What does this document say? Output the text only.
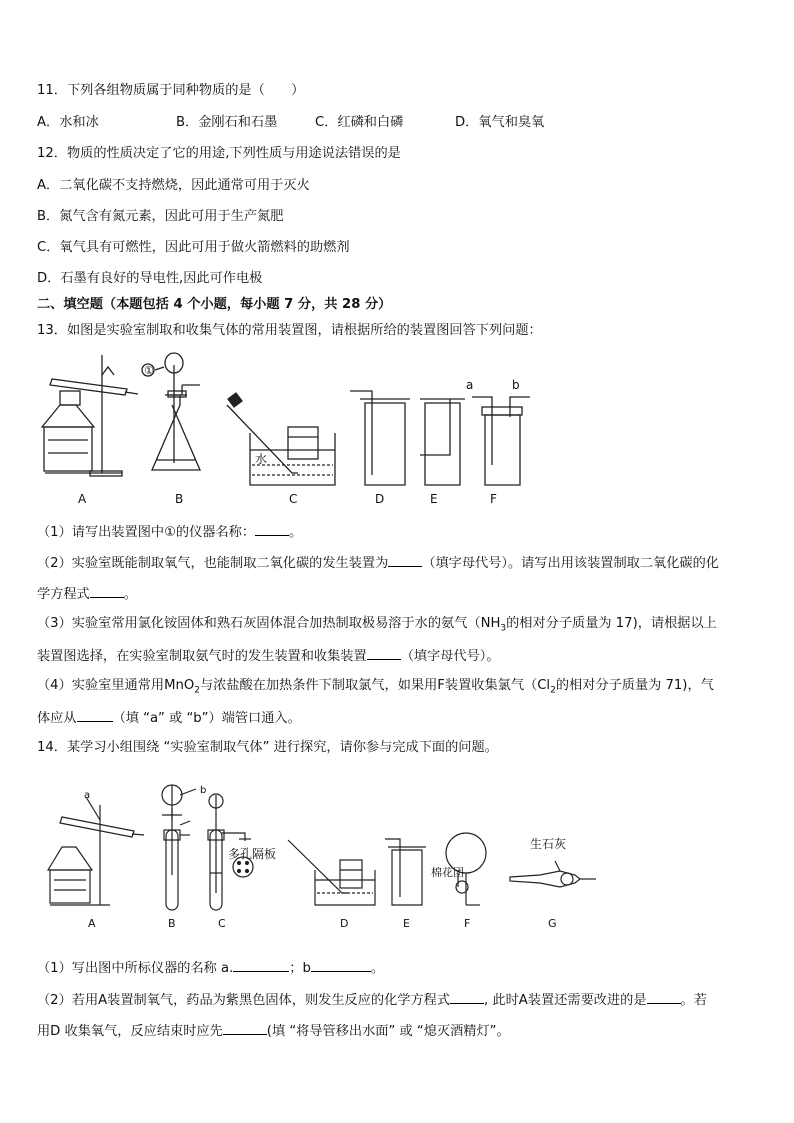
11．下列各组物质属于同种物质的是（　　）
A．水和冰	B．金刚石和石墨	C．红磷和白磷	D．氧气和臭氧
12．物质的性质决定了它的用途,下列性质与用途说法错误的是
A．二氧化碳不支持燃烧，因此通常可用于灭火
B．氮气含有氮元素，因此可用于生产氮肥
C．氧气具有可燃性，因此可用于做火箭燃料的助燃剂
D．石墨有良好的导电性,因此可作电极
二、填空题（本题包括 4 个小题，每小题 7 分，共 28 分）
13．如图是实验室制取和收集气体的常用装置图，请根据所给的装置图回答下列问题：
水
①
a	b
A	B	C	D	E	F
（1）请写出装置图中①的仪器名称：	。
（2）实验室既能制取氧气，也能制取二氧化碳的发生装置为	（填字母代号）。请写出用该装置制取二氧化碳的化
学方程式	。
（3）实验室常用氯化铵固体和熟石灰固体混合加热制取极易溶于水的氨气（$NH_3$的相对分子质量为 17)，请根据以上
装置图选择，在实验室制取氨气时的发生装置和收集装置	（填字母代号）。
（4）实验室里通常用MnO$_2$与浓盐酸在加热条件下制取氯气，如果用F装置收集氯气（$Cl_2$的相对分子质量为 71)，气
体应从	（填 “a” 或 “b”）端管口通入。
14．某学习小组围绕 “实验室制取气体” 进行探究，请你参与完成下面的问题。
a	b
多孔隔板
棉花团
生石灰
A	B	C	D	E	F	G
（1）写出图中所标仪器的名称 a.	；b	。
（2）若用A装置制氧气，药品为紫黑色固体，则发生反应的化学方程式	, 此时A装置还需要改进的是	。若
用D 收集氧气，反应结束时应先	(填 “将导管移出水面” 或 “熄灭酒精灯”。
